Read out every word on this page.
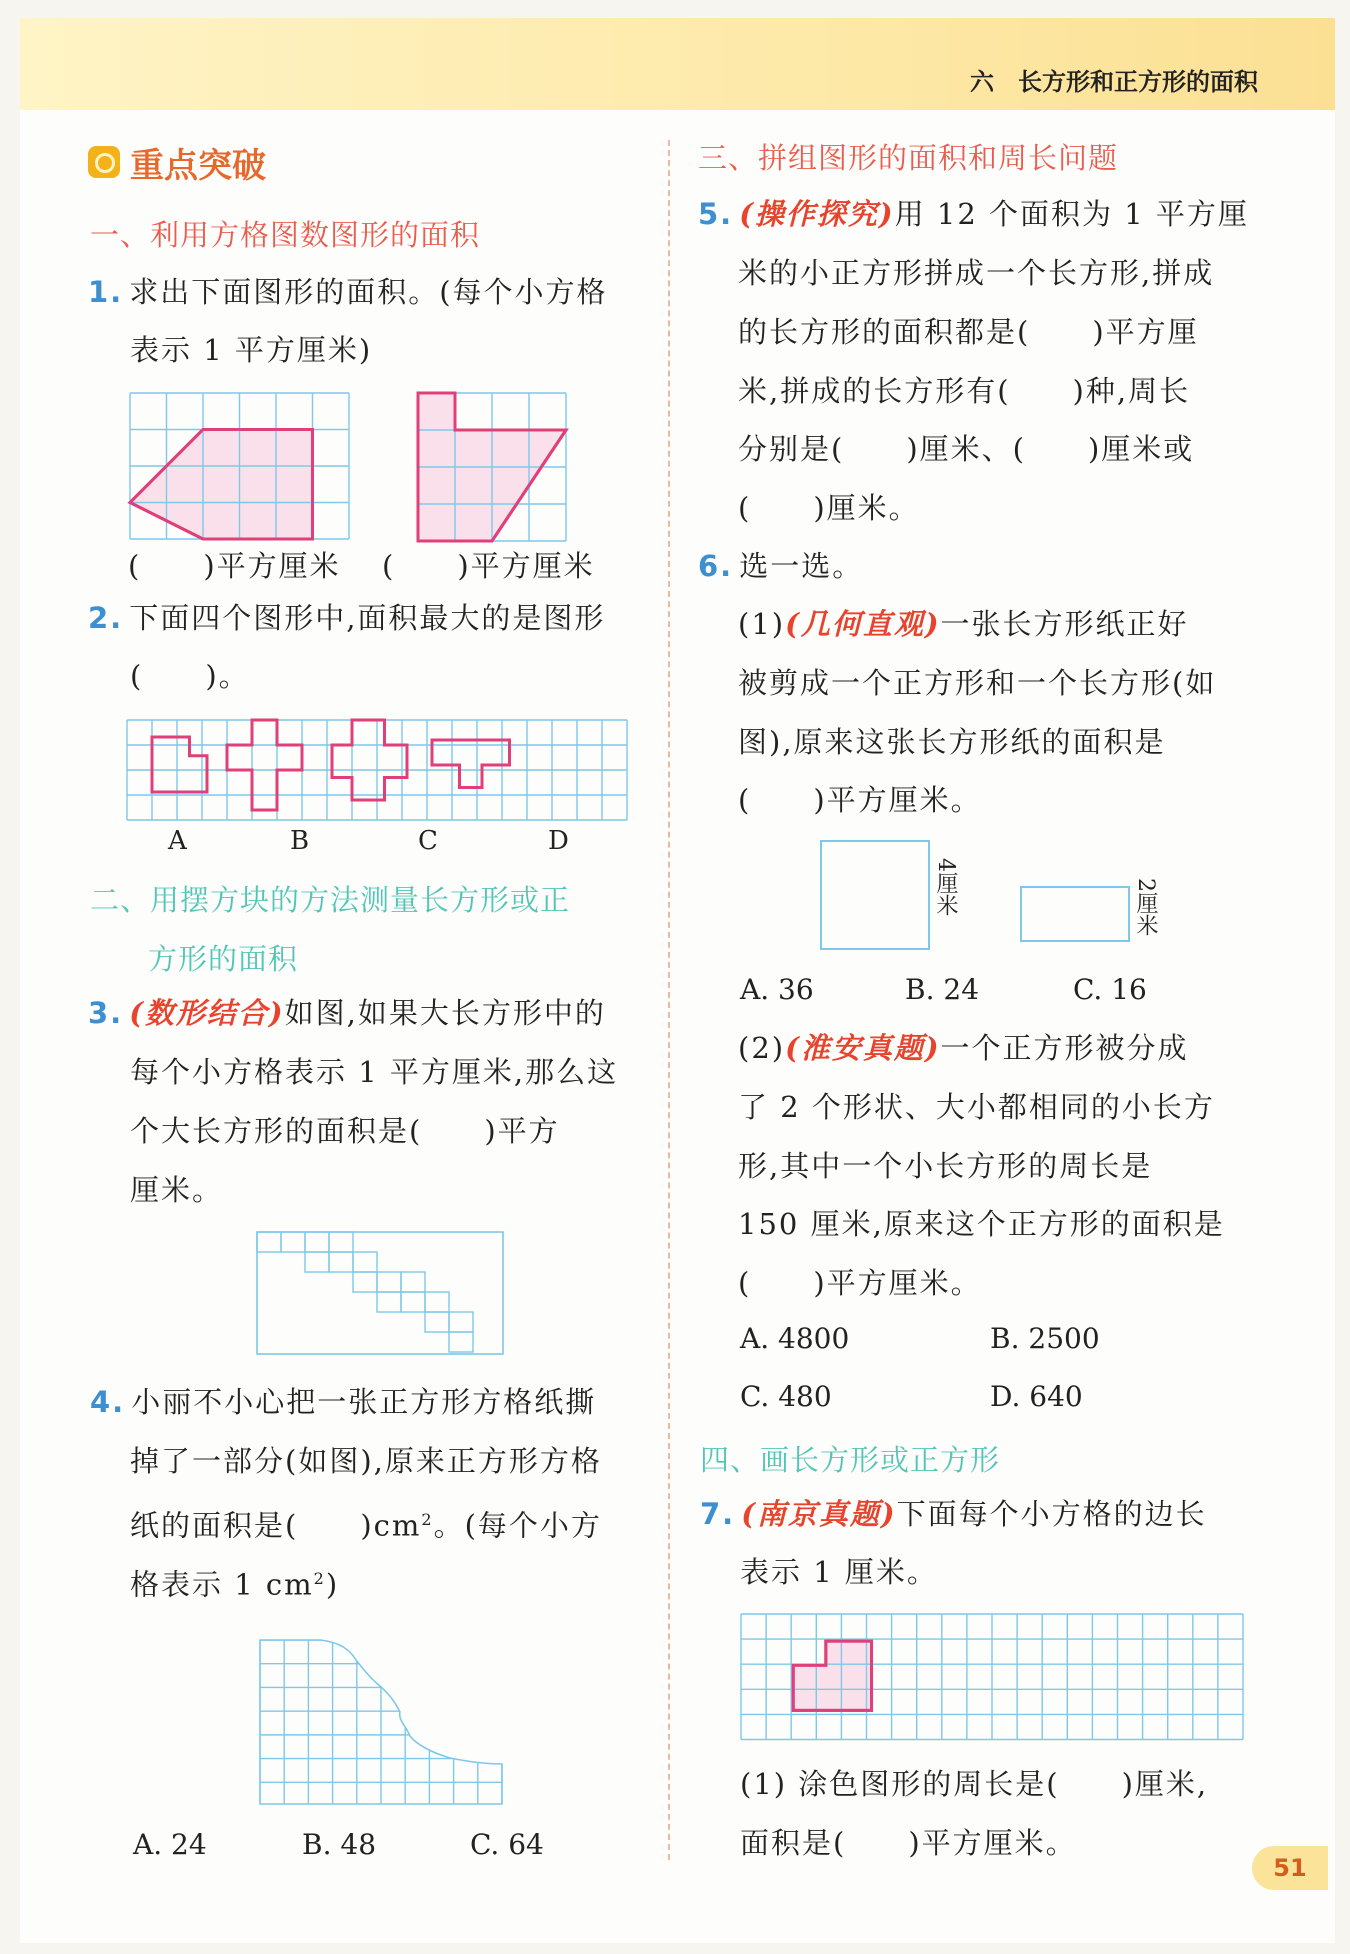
六　长方形和正方形的面积
重点突破
一、利用方格图数图形的面积
1. 求出下面图形的面积。(每个小方格
表示 1 平方厘米)
(　　)平方厘米 (　　)平方厘米
2. 下面四个图形中,面积最大的是图形
(　　)。
A	B	C	D
二、用摆方块的方法测量长方形或正
方形的面积
3. (数形结合)如图,如果大长方形中的
每个小方格表示 1 平方厘米,那么这
个大长方形的面积是(　　)平方
厘米。
4. 小丽不小心把一张正方形方格纸撕
掉了一部分(如图),原来正方形方格
纸的面积是(　　)$cm^2$。(每个小方
格表示 1 $cm^2$)
A. 24	B. 48	C. 64
三、拼组图形的面积和周长问题
5. (操作探究)用 12 个面积为 1 平方厘
米的小正方形拼成一个长方形,拼成
的长方形的面积都是(　　)平方厘
米,拼成的长方形有(　　)种,周长
分别是(　　)厘米、(　　)厘米或
(　　)厘米。
6. 选一选。
(1)(几何直观)一张长方形纸正好
被剪成一个正方形和一个长方形(如
图),原来这张长方形纸的面积是
(　　)平方厘米。
4厘米	2厘米
A. 36	B. 24	C. 16
(2)(淮安真题)一个正方形被分成
了 2 个形状、大小都相同的小长方
形,其中一个小长方形的周长是
150 厘米,原来这个正方形的面积是
(　　)平方厘米。
A. 4800	B. 2500
C. 480	D. 640
四、画长方形或正方形
7. (南京真题)下面每个小方格的边长
表示 1 厘米。
(1) 涂色图形的周长是(　　)厘米,
面积是(　　)平方厘米。
51
